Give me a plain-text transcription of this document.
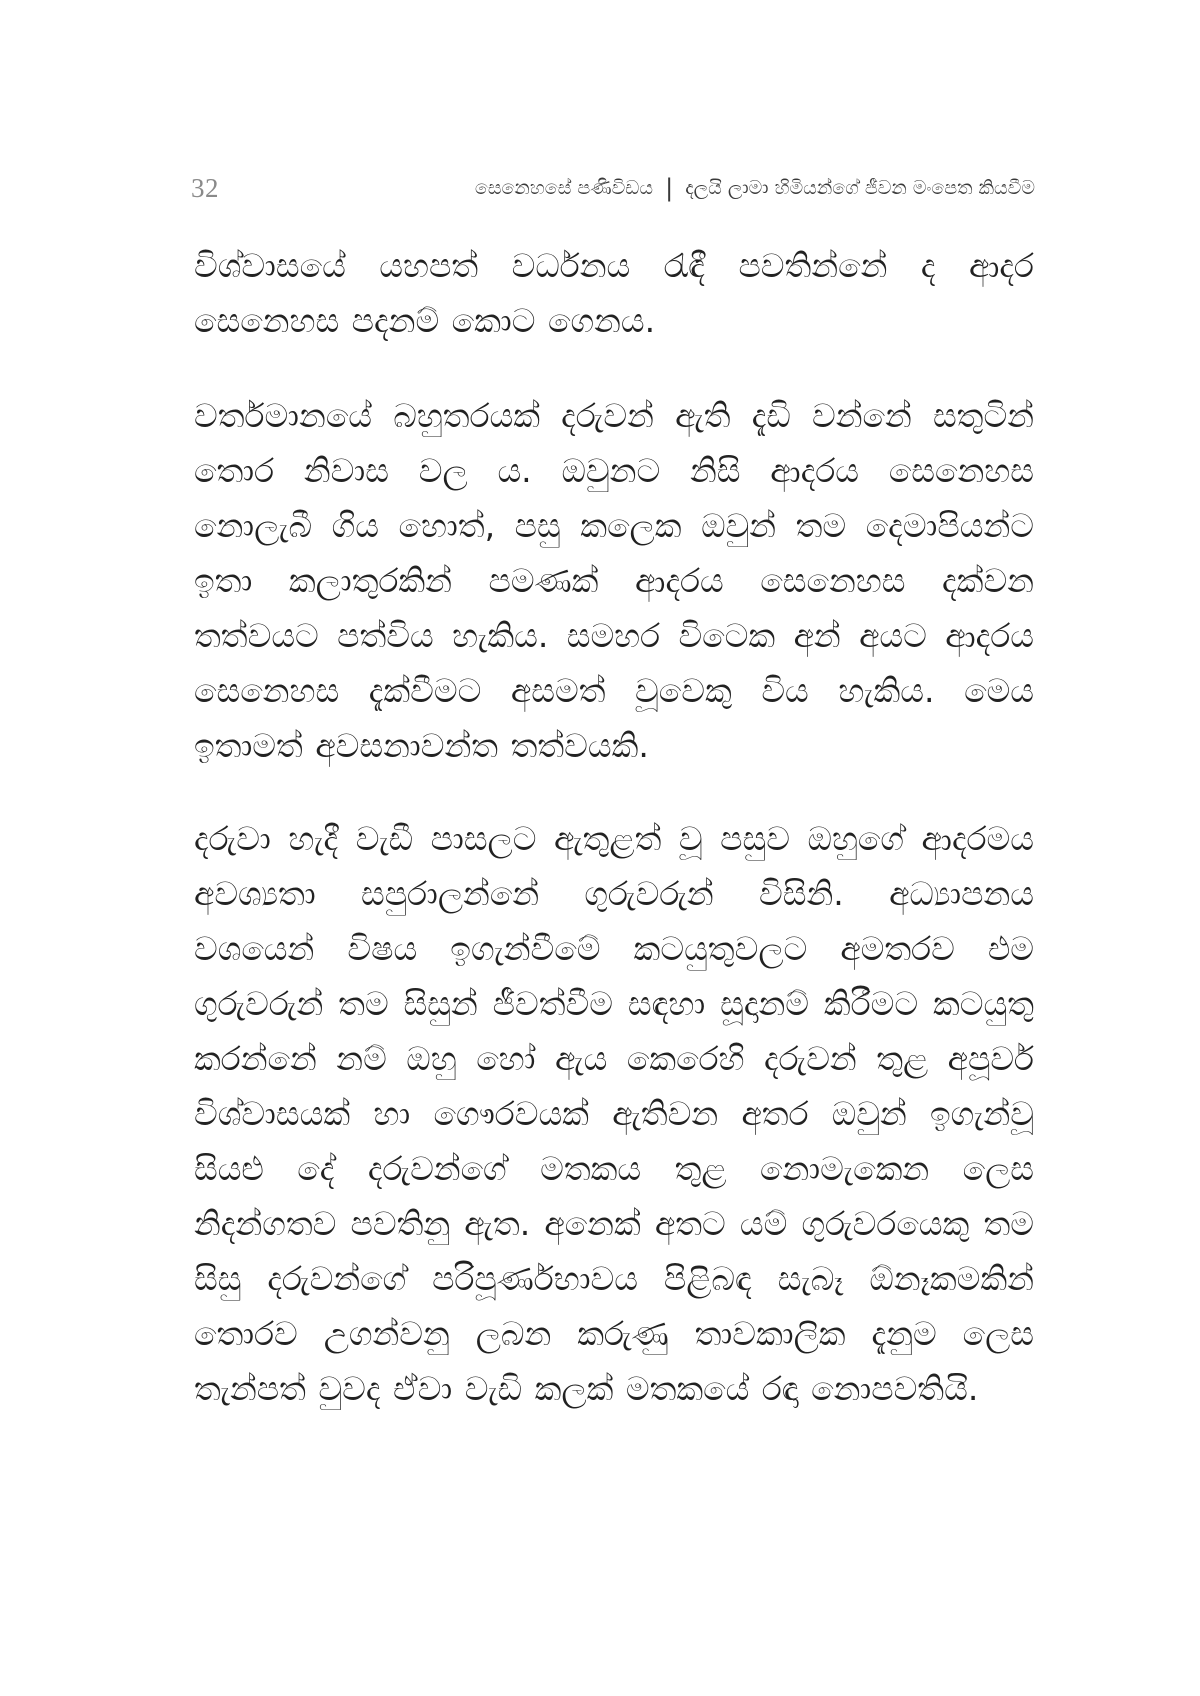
32	සෙනෙහසේ පණිවිඩය | දලයි ලාමා හිමියන්ගේ ජීවන මංපෙත කියවීම

විශ්වාසයේ යහපත් වර්ධනය රැඳී පවතින්නේ ද ආදර සෙනෙහස පදනම් කොට ගෙනය.

වර්තමානයේ බහුතරයක් දරුවන් ඇති දැඩි වන්නේ සතුටින් තොර නිවාස වල ය. ඔවුනට නිසි ආදරය සෙනෙහස නොලැබී ගිය හොත්, පසු කලෙක ඔවුන් තම දෙමාපියන්ට ඉතා කලාතුරකින් පමණක් ආදරය සෙනෙහස දක්වන තත්වයට පත්විය හැකිය. සමහර විටෙක අන් අයට ආදරය සෙනෙහස දැක්වීමට අසමත් වූවෙකු විය හැකිය. මෙය ඉතාමත් අවසනාවන්ත තත්වයකි.

දරුවා හැදී වැඩී පාසලට ඇතුළත් වූ පසුව ඔහුගේ ආදරමය අවශ්‍යතා සපුරාලන්නේ ගුරුවරුන් විසිනි. අධ්‍යාපනය වශයෙන් විෂය ඉගැන්වීමේ කටයුතුවලට අමතරව එම ගුරුවරුන් තම සිසුන් ජීවත්වීම සඳහා සූදානම් කිරීමට කටයුතු කරන්නේ නම් ඔහු හෝ ඇය කෙරෙහි දරුවන් තුළ අපූර්ව විශ්වාසයක් හා ගෞරවයක් ඇතිවන අතර ඔවුන් ඉගැන්වූ සියළු දේ දරුවන්ගේ මතකය තුළ නොමැකෙන ලෙස නිදන්ගතව පවතිනු ඇත. අනෙක් අතට යම් ගුරුවරයෙකු තම සිසු දරුවන්ගේ පරිපූර්ණභාවය පිළිබඳ සැබෑ ඕනෑකමකින් තොරව උගන්වනු ලබන කරුණු තාවකාලික දැනුම ලෙස තැන්පත් වුවද ඒවා වැඩි කලක් මතකයේ රඳා නොපවතියි.
